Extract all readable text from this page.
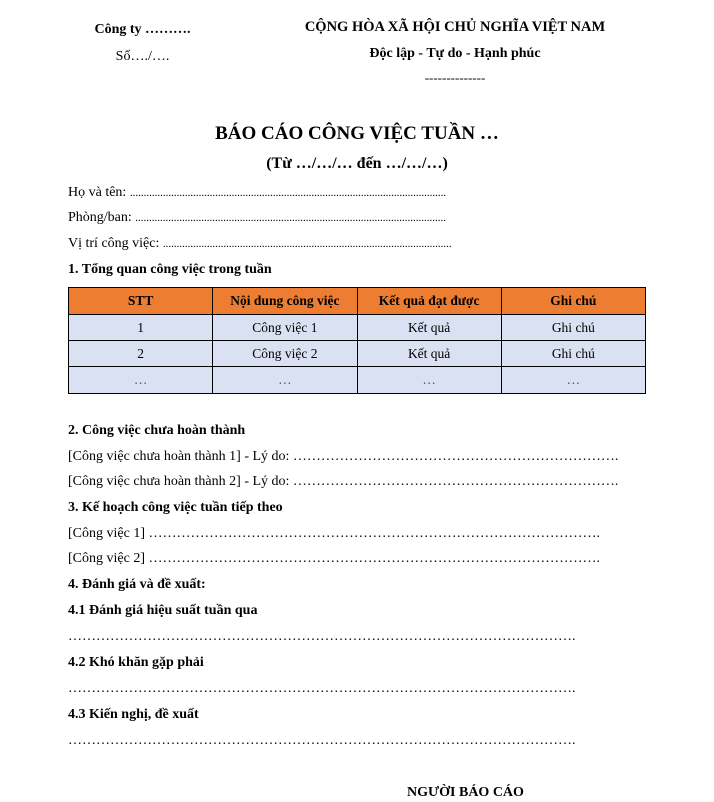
Công ty ……….
Số…./….
CỘNG HÒA XÃ HỘI CHỦ NGHĨA VIỆT NAM
Độc lập - Tự do - Hạnh phúc
--------------
BÁO CÁO CÔNG VIỆC TUẦN …
(Từ …/…/… đến …/…/…)
Họ và tên: ...................................................................................................................
Phòng/ban: .................................................................................................................
Vị trí công việc: .........................................................................................................
1. Tổng quan công việc trong tuần
STT	Nội dung công việc	Kết quả đạt được	Ghi chú
1	Công việc 1	Kết quả	Ghi chú
2	Công việc 2	Kết quả	Ghi chú
…	…	…	…
2. Công việc chưa hoàn thành
[Công việc chưa hoàn thành 1] - Lý do: …………………………………………………………….
[Công việc chưa hoàn thành 2] - Lý do: …………………………………………………………….
3. Kế hoạch công việc tuần tiếp theo
[Công việc 1] …………………………………………………………………………………….
[Công việc 2] …………………………………………………………………………………….
4. Đánh giá và đề xuất:
4.1 Đánh giá hiệu suất tuần qua
……………………………………………………………………………………………….
4.2 Khó khăn gặp phải
……………………………………………………………………………………………….
4.3 Kiến nghị, đề xuất
……………………………………………………………………………………………….
NGƯỜI BÁO CÁO
